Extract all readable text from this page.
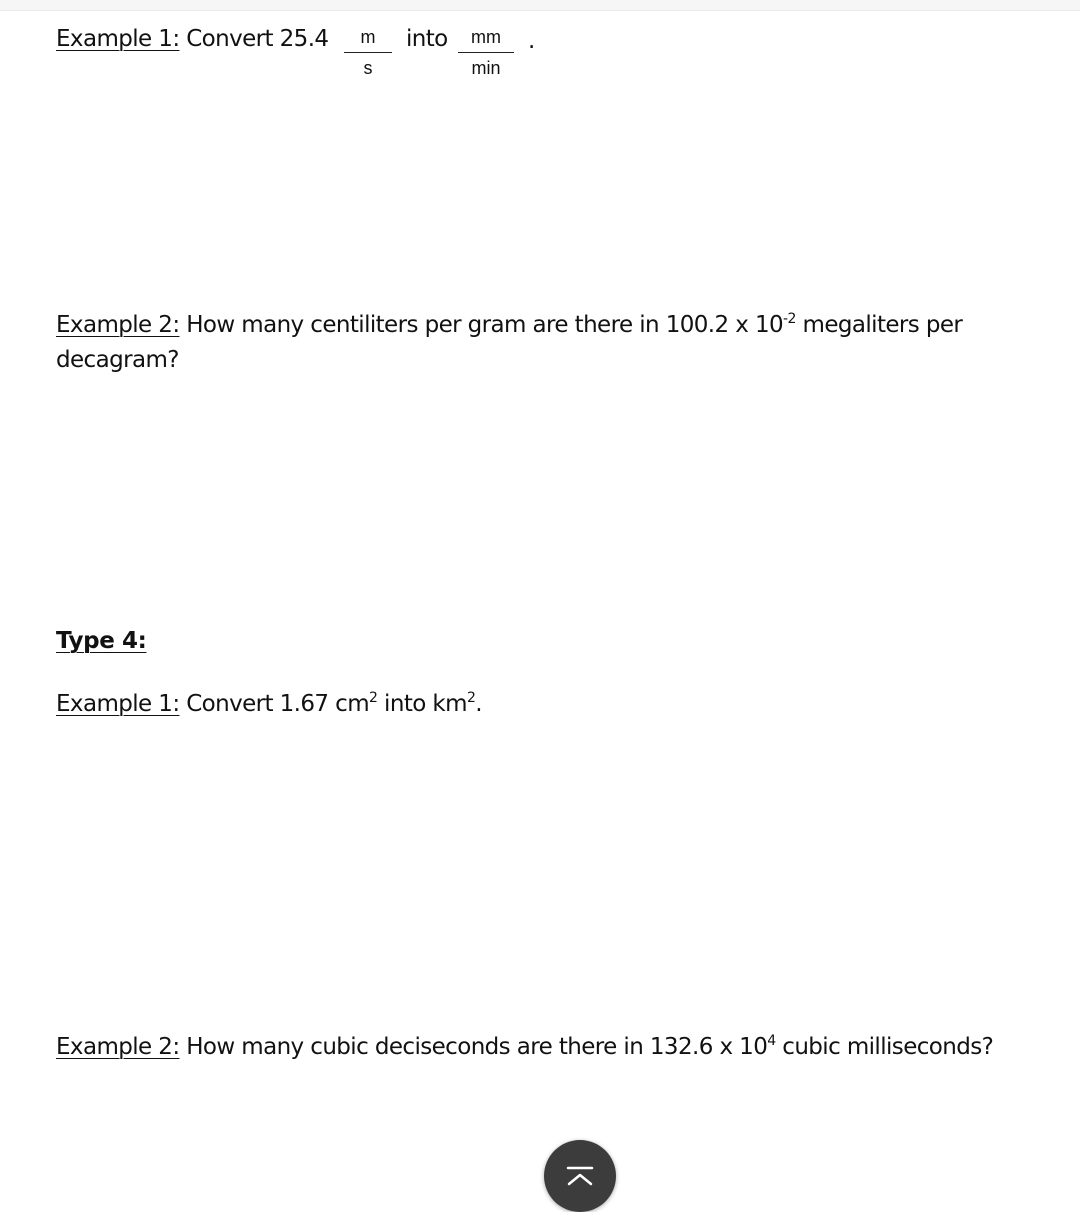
Example 1: Convert $25.4 \frac{m}{s}$ into	mm
min
.
Example 2: How many centiliters per gram are there in 100.2 x $10^{-2}$ megaliters per
decagram?
Type 4:
Example 1: Convert 1.67 $cm^2$ into $km^2$.
Example 2: How many cubic deciseconds are there in 132.6 x $10^4$ cubic milliseconds?
